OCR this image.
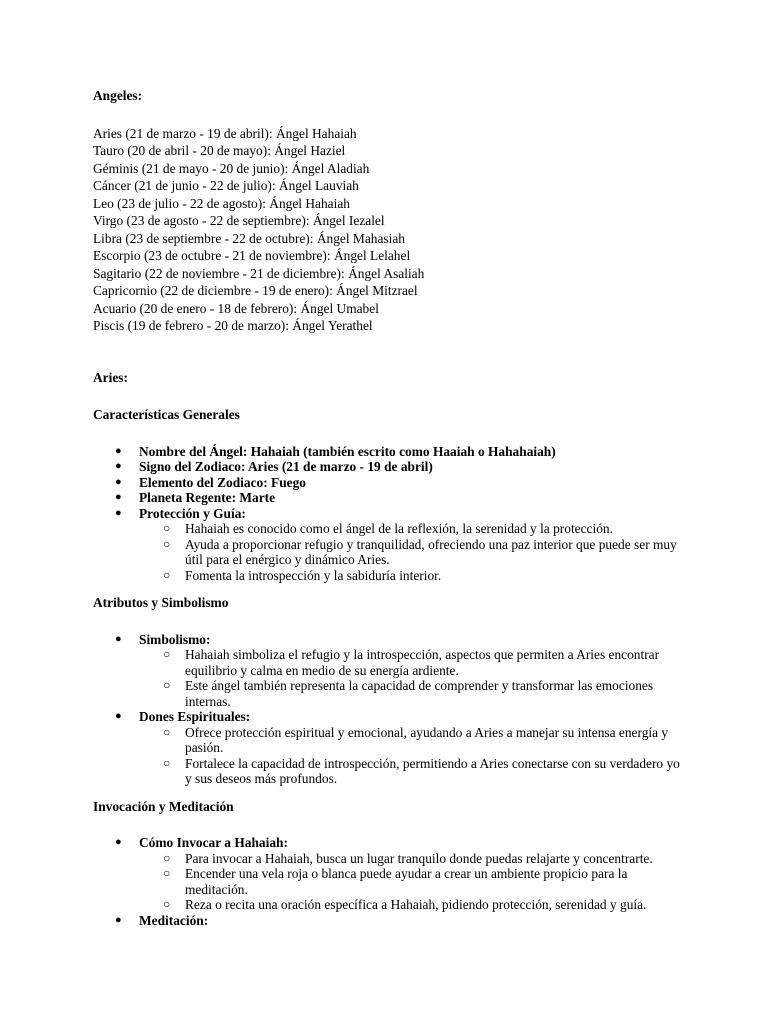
Angeles:
Aries (21 de marzo - 19 de abril): Ángel Hahaiah
Tauro (20 de abril - 20 de mayo): Ángel Haziel
Géminis (21 de mayo - 20 de junio): Ángel Aladiah
Cáncer (21 de junio - 22 de julio): Ángel Lauviah
Leo (23 de julio - 22 de agosto): Ángel Hahaiah
Virgo (23 de agosto - 22 de septiembre): Ángel Iezalel
Libra (23 de septiembre - 22 de octubre): Ángel Mahasiah
Escorpio (23 de octubre - 21 de noviembre): Ángel Lelahel
Sagitario (22 de noviembre - 21 de diciembre): Ángel Asaliah
Capricornio (22 de diciembre - 19 de enero): Ángel Mitzrael
Acuario (20 de enero - 18 de febrero): Ángel Umabel
Piscis (19 de febrero - 20 de marzo): Ángel Yerathel
Aries:
Características Generales
● Nombre del Ángel: Hahaiah (también escrito como Haaiah o Hahahaiah)
● Signo del Zodiaco: Aries (21 de marzo - 19 de abril)
● Elemento del Zodiaco: Fuego
● Planeta Regente: Marte
● Protección y Guía:
○ Hahaiah es conocido como el ángel de la reflexión, la serenidad y la protección.
○ Ayuda a proporcionar refugio y tranquilidad, ofreciendo una paz interior que puede ser muy útil para el enérgico y dinámico Aries.
○ Fomenta la introspección y la sabiduría interior.
Atributos y Simbolismo
● Simbolismo:
○ Hahaiah simboliza el refugio y la introspección, aspectos que permiten a Aries encontrar equilibrio y calma en medio de su energía ardiente.
○ Este ángel también representa la capacidad de comprender y transformar las emociones internas.
● Dones Espirituales:
○ Ofrece protección espiritual y emocional, ayudando a Aries a manejar su intensa energía y pasión.
○ Fortalece la capacidad de introspección, permitiendo a Aries conectarse con su verdadero yo y sus deseos más profundos.
Invocación y Meditación
● Cómo Invocar a Hahaiah:
○ Para invocar a Hahaiah, busca un lugar tranquilo donde puedas relajarte y concentrarte.
○ Encender una vela roja o blanca puede ayudar a crear un ambiente propicio para la meditación.
○ Reza o recita una oración específica a Hahaiah, pidiendo protección, serenidad y guía.
● Meditación:
